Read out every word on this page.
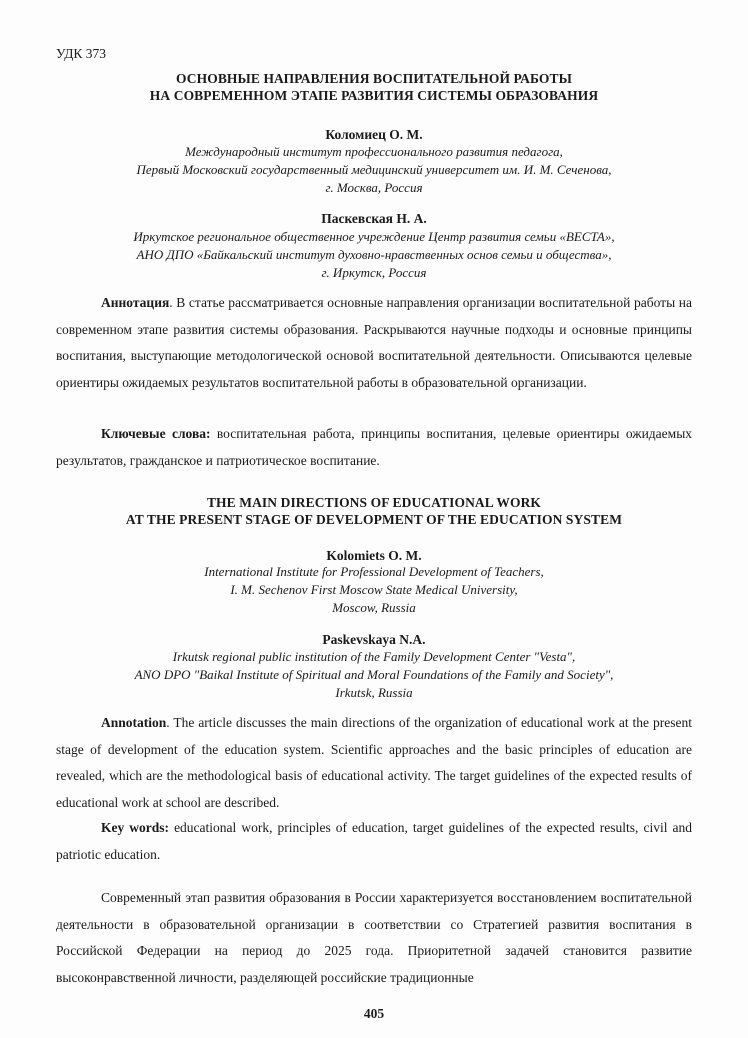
УДК 373
ОСНОВНЫЕ НАПРАВЛЕНИЯ ВОСПИТАТЕЛЬНОЙ РАБОТЫ
НА СОВРЕМЕННОМ ЭТАПЕ РАЗВИТИЯ СИСТЕМЫ ОБРАЗОВАНИЯ
Коломиец О. М.
Международный институт профессионального развития педагога,
Первый Московский государственный медицинский университет им. И. М. Сеченова,
г. Москва, Россия
Паскевская Н. А.
Иркутское региональное общественное учреждение Центр развития семьи «ВЕСТА»,
АНО ДПО «Байкальский институт духовно-нравственных основ семьи и общества»,
г. Иркутск, Россия
Аннотация. В статье рассматривается основные направления организации воспитательной работы на современном этапе развития системы образования. Раскрываются научные подходы и основные принципы воспитания, выступающие методологической основой воспитательной деятельности. Описываются целевые ориентиры ожидаемых результатов воспитательной работы в образовательной организации.
Ключевые слова: воспитательная работа, принципы воспитания, целевые ориентиры ожидаемых результатов, гражданское и патриотическое воспитание.
THE MAIN DIRECTIONS OF EDUCATIONAL WORK
AT THE PRESENT STAGE OF DEVELOPMENT OF THE EDUCATION SYSTEM
Kolomiets O. M.
International Institute for Professional Development of Teachers,
I. M. Sechenov First Moscow State Medical University,
Moscow, Russia
Paskevskaya N.A.
Irkutsk regional public institution of the Family Development Center "Vesta",
ANO DPO "Baikal Institute of Spiritual and Moral Foundations of the Family and Society",
Irkutsk, Russia
Annotation. The article discusses the main directions of the organization of educational work at the present stage of development of the education system. Scientific approaches and the basic principles of education are revealed, which are the methodological basis of educational activity. The target guidelines of the expected results of educational work at school are described.
Key words: educational work, principles of education, target guidelines of the expected results, civil and patriotic education.
Современный этап развития образования в России характеризуется восстановлением воспитательной деятельности в образовательной организации в соответствии со Стратегией развития воспитания в Российской Федерации на период до 2025 года. Приоритетной задачей становится развитие высоконравственной личности, разделяющей российские традиционные
405
